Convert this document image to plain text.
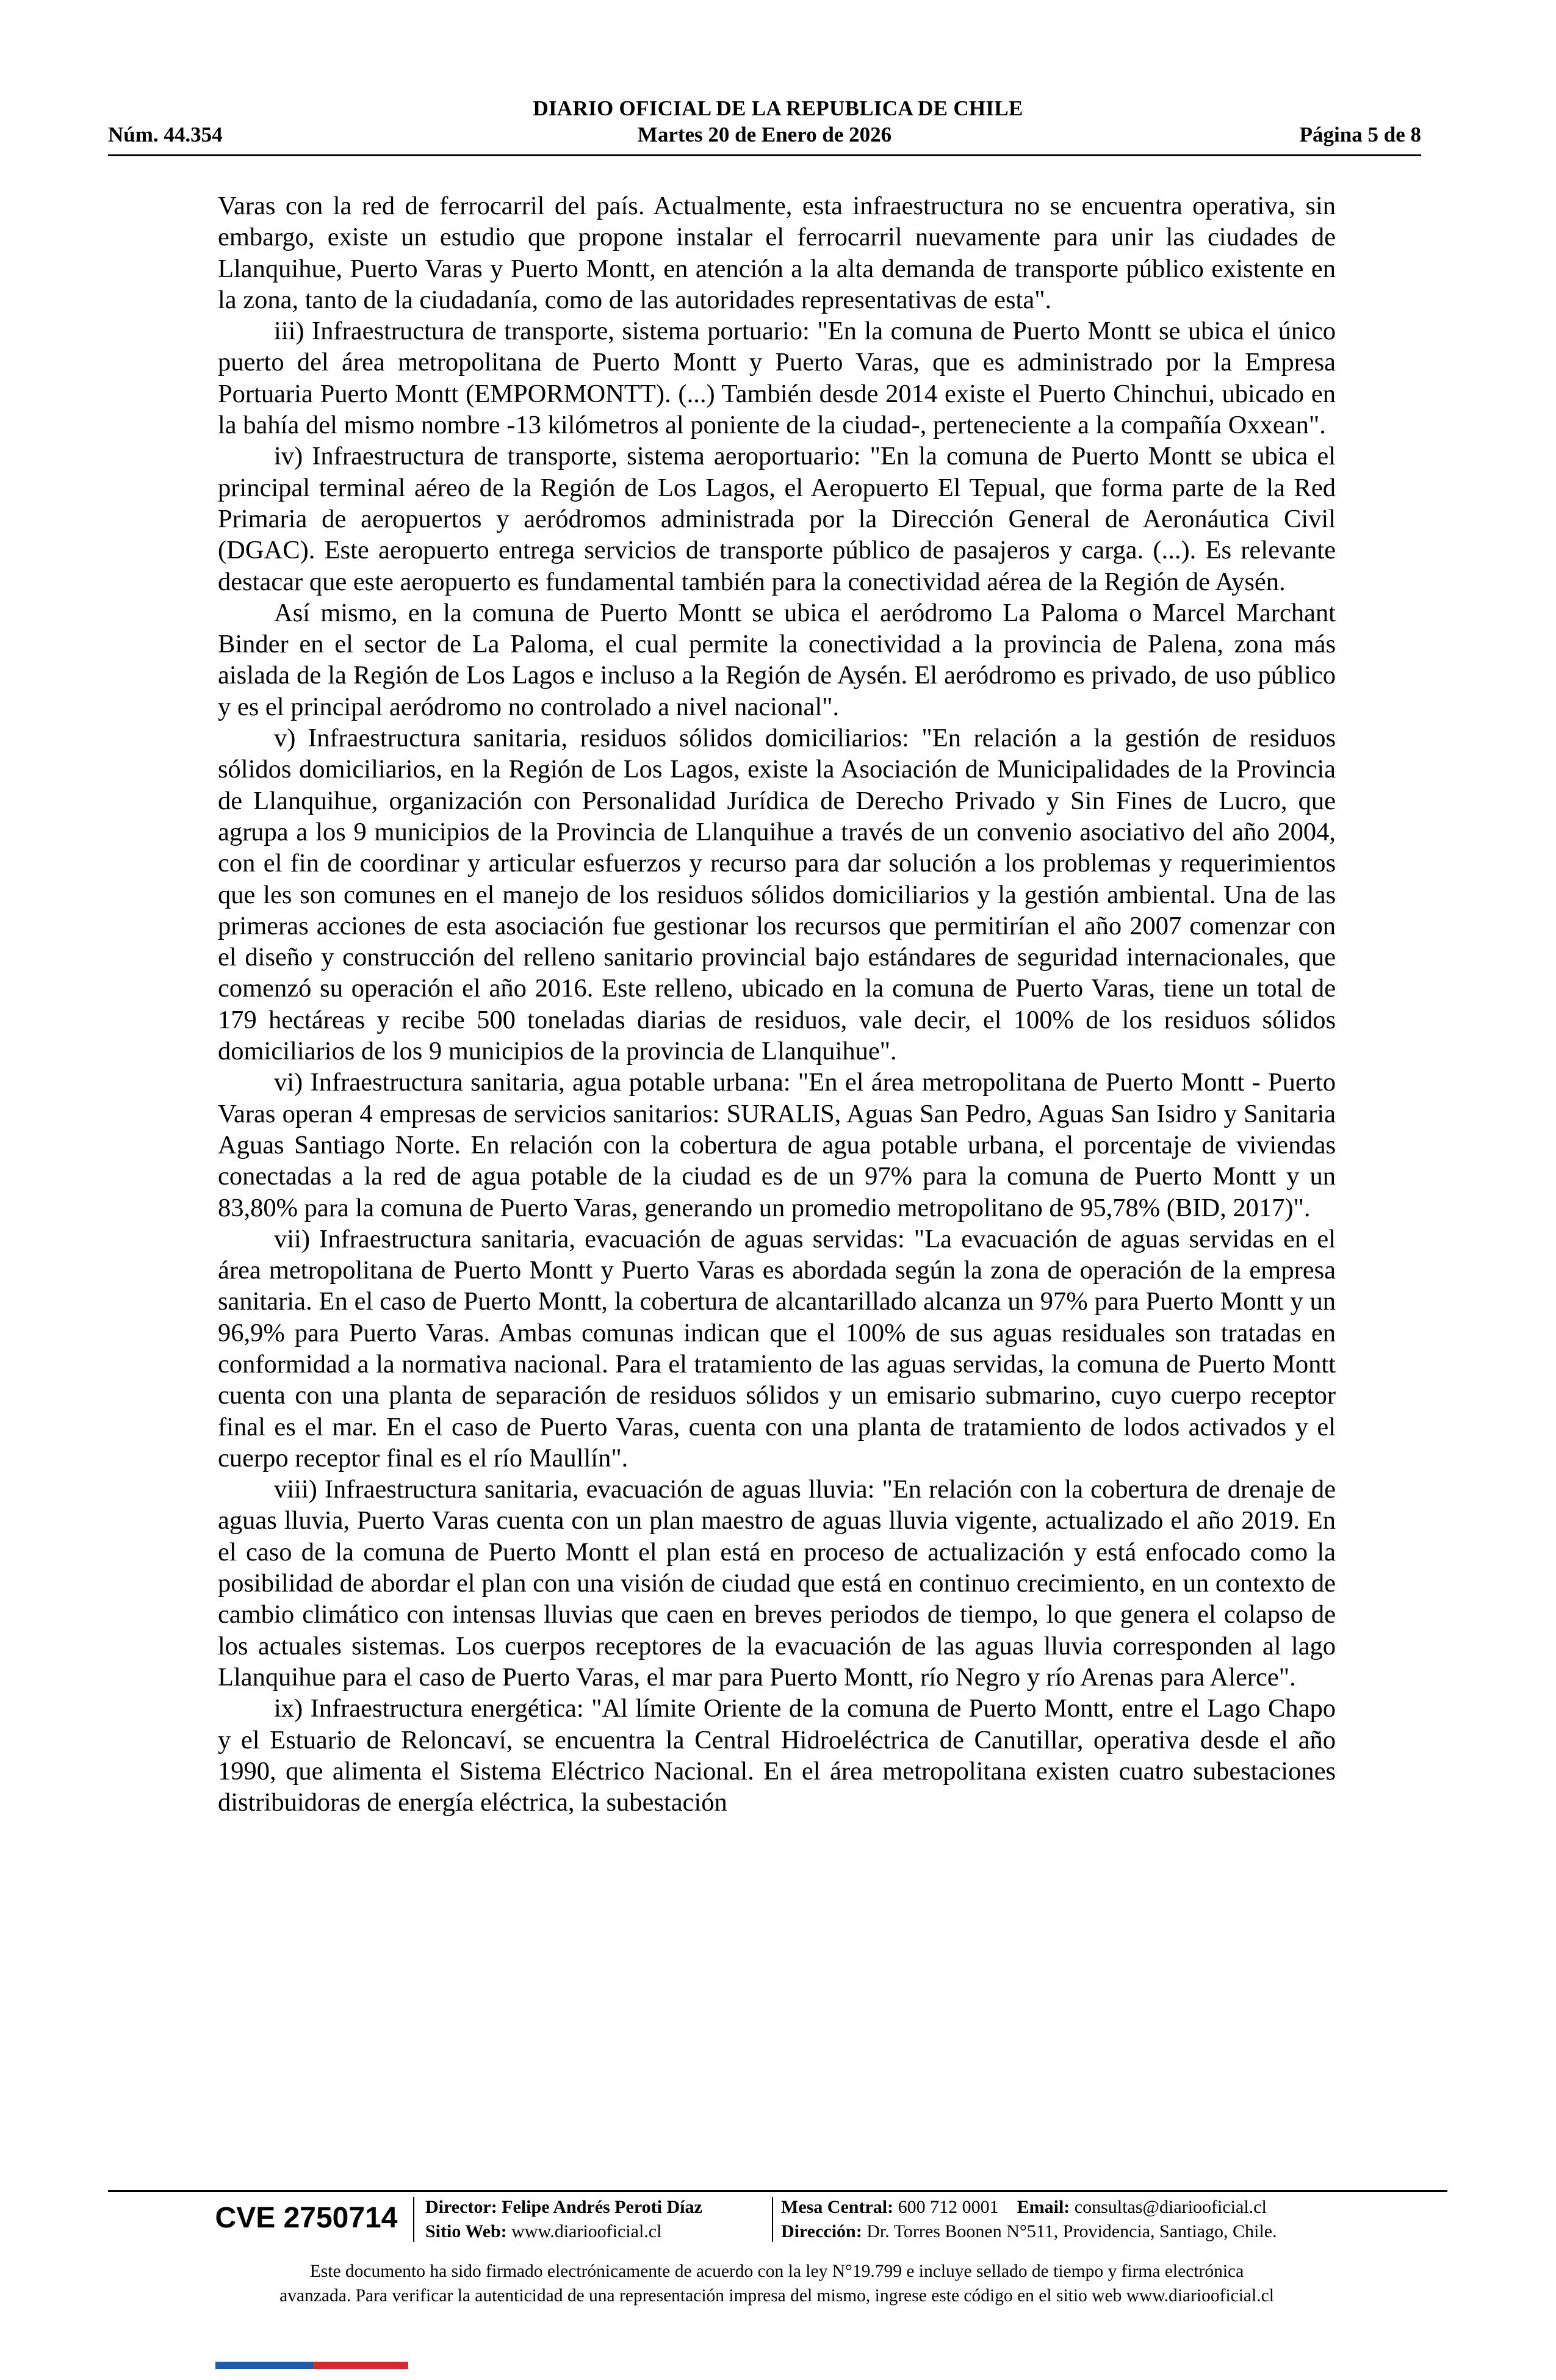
DIARIO OFICIAL DE LA REPUBLICA DE CHILE
Núm. 44.354	Martes 20 de Enero de 2026	Página 5 de 8

Varas con la red de ferrocarril del país. Actualmente, esta infraestructura no se encuentra operativa, sin embargo, existe un estudio que propone instalar el ferrocarril nuevamente para unir las ciudades de Llanquihue, Puerto Varas y Puerto Montt, en atención a la alta demanda de transporte público existente en la zona, tanto de la ciudadanía, como de las autoridades representativas de esta".

iii) Infraestructura de transporte, sistema portuario: "En la comuna de Puerto Montt se ubica el único puerto del área metropolitana de Puerto Montt y Puerto Varas, que es administrado por la Empresa Portuaria Puerto Montt (EMPORMONTT). (...) También desde 2014 existe el Puerto Chinchui, ubicado en la bahía del mismo nombre -13 kilómetros al poniente de la ciudad-, perteneciente a la compañía Oxxean".

iv) Infraestructura de transporte, sistema aeroportuario: "En la comuna de Puerto Montt se ubica el principal terminal aéreo de la Región de Los Lagos, el Aeropuerto El Tepual, que forma parte de la Red Primaria de aeropuertos y aeródromos administrada por la Dirección General de Aeronáutica Civil (DGAC). Este aeropuerto entrega servicios de transporte público de pasajeros y carga. (...). Es relevante destacar que este aeropuerto es fundamental también para la conectividad aérea de la Región de Aysén.

Así mismo, en la comuna de Puerto Montt se ubica el aeródromo La Paloma o Marcel Marchant Binder en el sector de La Paloma, el cual permite la conectividad a la provincia de Palena, zona más aislada de la Región de Los Lagos e incluso a la Región de Aysén. El aeródromo es privado, de uso público y es el principal aeródromo no controlado a nivel nacional".

v) Infraestructura sanitaria, residuos sólidos domiciliarios: "En relación a la gestión de residuos sólidos domiciliarios, en la Región de Los Lagos, existe la Asociación de Municipalidades de la Provincia de Llanquihue, organización con Personalidad Jurídica de Derecho Privado y Sin Fines de Lucro, que agrupa a los 9 municipios de la Provincia de Llanquihue a través de un convenio asociativo del año 2004, con el fin de coordinar y articular esfuerzos y recurso para dar solución a los problemas y requerimientos que les son comunes en el manejo de los residuos sólidos domiciliarios y la gestión ambiental. Una de las primeras acciones de esta asociación fue gestionar los recursos que permitirían el año 2007 comenzar con el diseño y construcción del relleno sanitario provincial bajo estándares de seguridad internacionales, que comenzó su operación el año 2016. Este relleno, ubicado en la comuna de Puerto Varas, tiene un total de 179 hectáreas y recibe 500 toneladas diarias de residuos, vale decir, el 100% de los residuos sólidos domiciliarios de los 9 municipios de la provincia de Llanquihue".

vi) Infraestructura sanitaria, agua potable urbana: "En el área metropolitana de Puerto Montt - Puerto Varas operan 4 empresas de servicios sanitarios: SURALIS, Aguas San Pedro, Aguas San Isidro y Sanitaria Aguas Santiago Norte. En relación con la cobertura de agua potable urbana, el porcentaje de viviendas conectadas a la red de agua potable de la ciudad es de un 97% para la comuna de Puerto Montt y un 83,80% para la comuna de Puerto Varas, generando un promedio metropolitano de 95,78% (BID, 2017)".

vii) Infraestructura sanitaria, evacuación de aguas servidas: "La evacuación de aguas servidas en el área metropolitana de Puerto Montt y Puerto Varas es abordada según la zona de operación de la empresa sanitaria. En el caso de Puerto Montt, la cobertura de alcantarillado alcanza un 97% para Puerto Montt y un 96,9% para Puerto Varas. Ambas comunas indican que el 100% de sus aguas residuales son tratadas en conformidad a la normativa nacional. Para el tratamiento de las aguas servidas, la comuna de Puerto Montt cuenta con una planta de separación de residuos sólidos y un emisario submarino, cuyo cuerpo receptor final es el mar. En el caso de Puerto Varas, cuenta con una planta de tratamiento de lodos activados y el cuerpo receptor final es el río Maullín".

viii) Infraestructura sanitaria, evacuación de aguas lluvia: "En relación con la cobertura de drenaje de aguas lluvia, Puerto Varas cuenta con un plan maestro de aguas lluvia vigente, actualizado el año 2019. En el caso de la comuna de Puerto Montt el plan está en proceso de actualización y está enfocado como la posibilidad de abordar el plan con una visión de ciudad que está en continuo crecimiento, en un contexto de cambio climático con intensas lluvias que caen en breves periodos de tiempo, lo que genera el colapso de los actuales sistemas. Los cuerpos receptores de la evacuación de las aguas lluvia corresponden al lago Llanquihue para el caso de Puerto Varas, el mar para Puerto Montt, río Negro y río Arenas para Alerce".

ix) Infraestructura energética: "Al límite Oriente de la comuna de Puerto Montt, entre el Lago Chapo y el Estuario de Reloncaví, se encuentra la Central Hidroeléctrica de Canutillar, operativa desde el año 1990, que alimenta el Sistema Eléctrico Nacional. En el área metropolitana existen cuatro subestaciones distribuidoras de energía eléctrica, la subestación

CVE 2750714	Director: Felipe Andrés Peroti Díaz
Sitio Web: www.diariooficial.cl
Mesa Central: 600 712 0001 Email: consultas@diariooficial.cl
Dirección: Dr. Torres Boonen N°511, Providencia, Santiago, Chile.
Este documento ha sido firmado electrónicamente de acuerdo con la ley N°19.799 e incluye sellado de tiempo y firma electrónica
avanzada. Para verificar la autenticidad de una representación impresa del mismo, ingrese este código en el sitio web www.diariooficial.cl
